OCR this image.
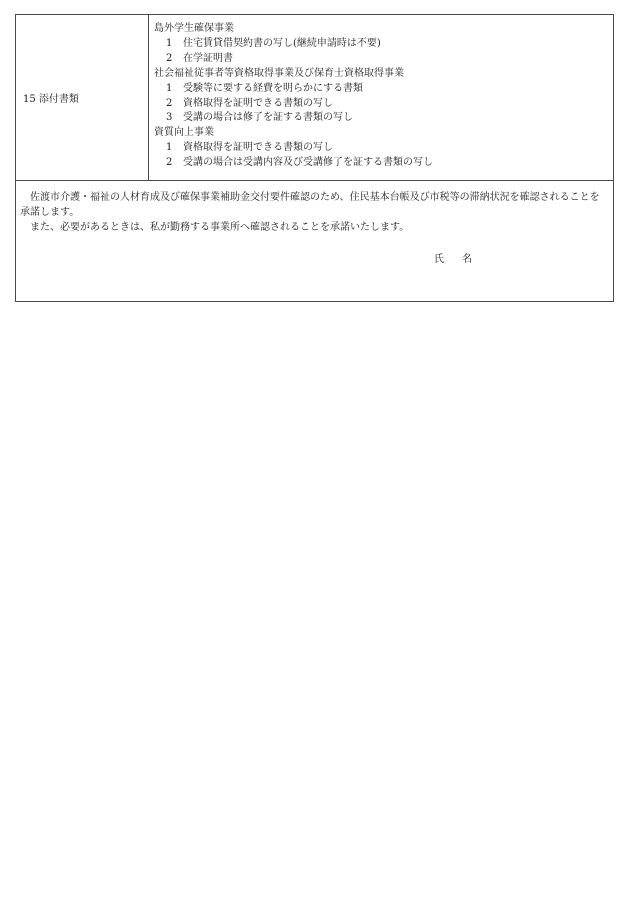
15 添付書類	
島外学生確保事業
1 住宅賃貸借契約書の写し(継続申請時は不要)
2 在学証明書
社会福祉従事者等資格取得事業及び保育士資格取得事業
1 受験等に要する経費を明らかにする書類
2 資格取得を証明できる書類の写し
3 受講の場合は修了を証する書類の写し
資質向上事業
1 資格取得を証明できる書類の写し
2 受講の場合は受講内容及び受講修了を証する書類の写し

佐渡市介護・福祉の人材育成及び確保事業補助金交付要件確認のため、住民基本台帳及び市税等の滞納状況を確認されることを承諾します。

また、必要があるときは、私が勤務する事業所へ確認されることを承諾いたします。

氏 名
